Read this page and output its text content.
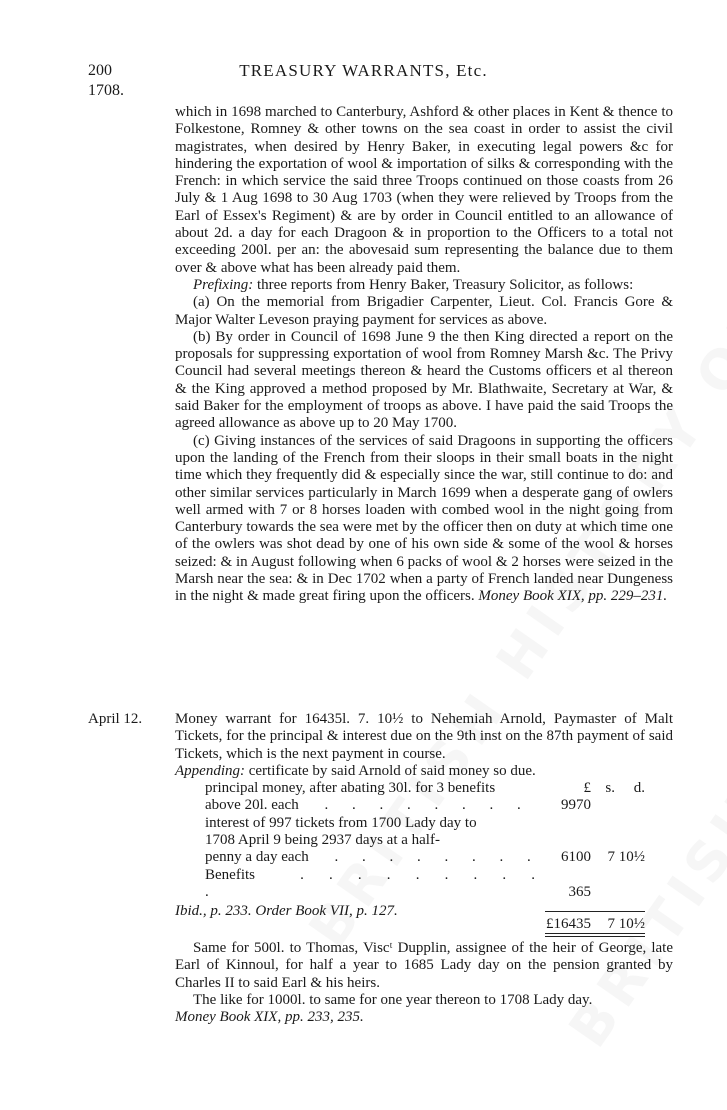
200	TREASURY WARRANTS, Etc.
1708.

which in 1698 marched to Canterbury, Ashford & other places in Kent & thence to Folkestone, Romney & other towns on the sea coast in order to assist the civil magistrates, when desired by Henry Baker, in executing legal powers &c for hindering the exportation of wool & importation of silks & corresponding with the French: in which service the said three Troops continued on those coasts from 26 July & 1 Aug 1698 to 30 Aug 1703 (when they were relieved by Troops from the Earl of Essex's Regiment) & are by order in Council entitled to an allowance of about 2d. a day for each Dragoon & in proportion to the Officers to a total not exceeding 200l. per an: the abovesaid sum representing the balance due to them over & above what has been already paid them.

Prefixing: three reports from Henry Baker, Treasury Solicitor, as follows:

(a) On the memorial from Brigadier Carpenter, Lieut. Col. Francis Gore & Major Walter Leveson praying payment for services as above.

(b) By order in Council of 1698 June 9 the then King directed a report on the proposals for suppressing exportation of wool from Romney Marsh &c. The Privy Council had several meetings thereon & heard the Customs officers et al thereon & the King approved a method proposed by Mr. Blathwaite, Secretary at War, & said Baker for the employment of troops as above. I have paid the said Troops the agreed allowance as above up to 20 May 1700.

(c) Giving instances of the services of said Dragoons in supporting the officers upon the landing of the French from their sloops in their small boats in the night time which they frequently did & especially since the war, still continue to do: and other similar services particularly in March 1699 when a desperate gang of owlers well armed with 7 or 8 horses loaden with combed wool in the night going from Canterbury towards the sea were met by the officer then on duty at which time one of the owlers was shot dead by one of his own side & some of the wool & horses seized: & in August following when 6 packs of wool & 2 horses were seized in the Marsh near the sea: & in Dec 1702 when a party of French landed near Dungeness in the night & made great firing upon the officers. Money Book XIX, pp. 229–231.

April 12. Money warrant for 16435l. 7. 10½ to Nehemiah Arnold, Paymaster of Malt Tickets, for the principal & interest due on the 9th inst on the 87th payment of said Tickets, which is the next payment in course.

Appending: certificate by said Arnold of said money so due.

principal money, after abating 30l. for 3 benefits	£	s.	d.
above 20l. each . . . . . . . .	9970		
interest of 997 tickets from 1700 Lady day to			
1708 April 9 being 2937 days at a half-			
penny a day each . . . . . . . .	6100	7	10½
Benefits . . . . . . . . . .	365		

	£16435	7	10½

Ibid., p. 233. Order Book VII, p. 127.

Same for 500l. to Thomas, Viscᵗ Dupplin, assignee of the heir of George, late Earl of Kinnoul, for half a year to 1685 Lady day on the pension granted by Charles II to said Earl & his heirs.

The like for 1000l. to same for one year thereon to 1708 Lady day.

Money Book XIX, pp. 233, 235.
